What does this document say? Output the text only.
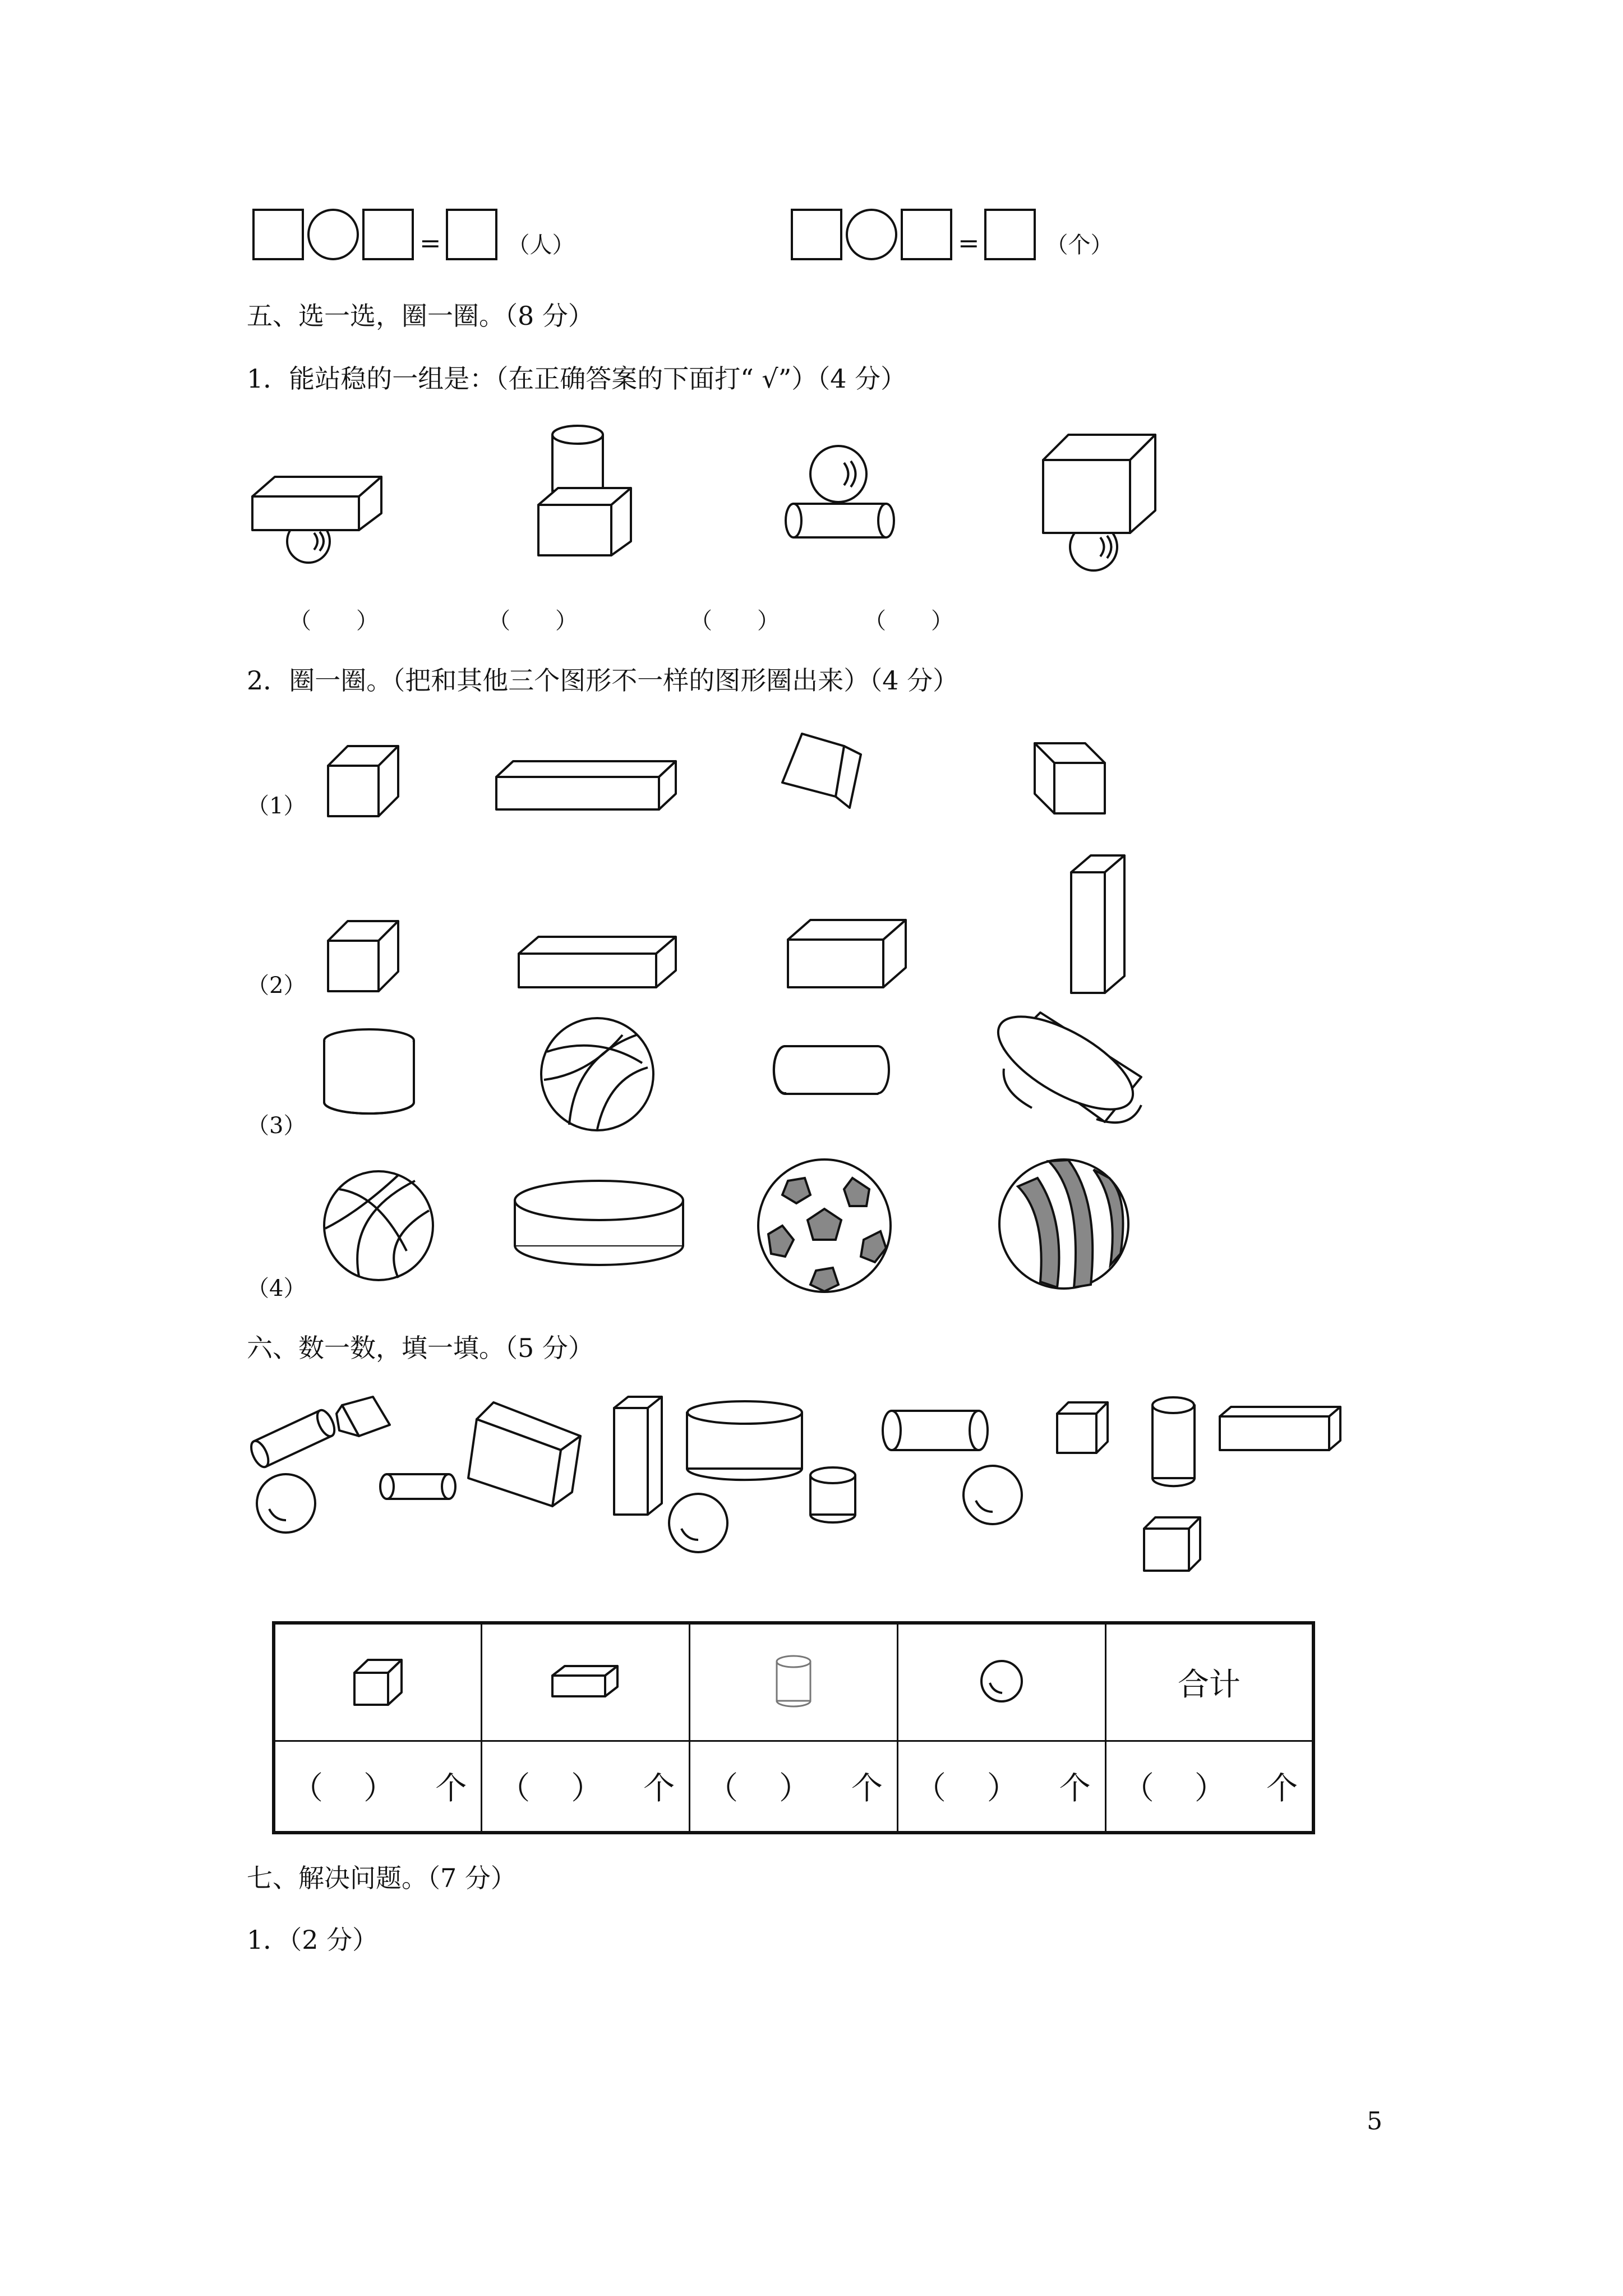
=	（人）	=	（个）
五、选一选，圈一圈。（8 分）
1．能站稳的一组是：（在正确答案的下面打“ √”）（4 分）
（　　）	（　　）	（　　）	（　　）
2．圈一圈。（把和其他三个图形不一样的图形圈出来）（4 分）
（1）
（2）
（3）
（4）
六、数一数，填一填。（5 分）
				合计

（ ） 个	（ ） 个	（ ） 个	（ ） 个	（ ） 个
七、解决问题。（7 分）
1．（2 分）
5
